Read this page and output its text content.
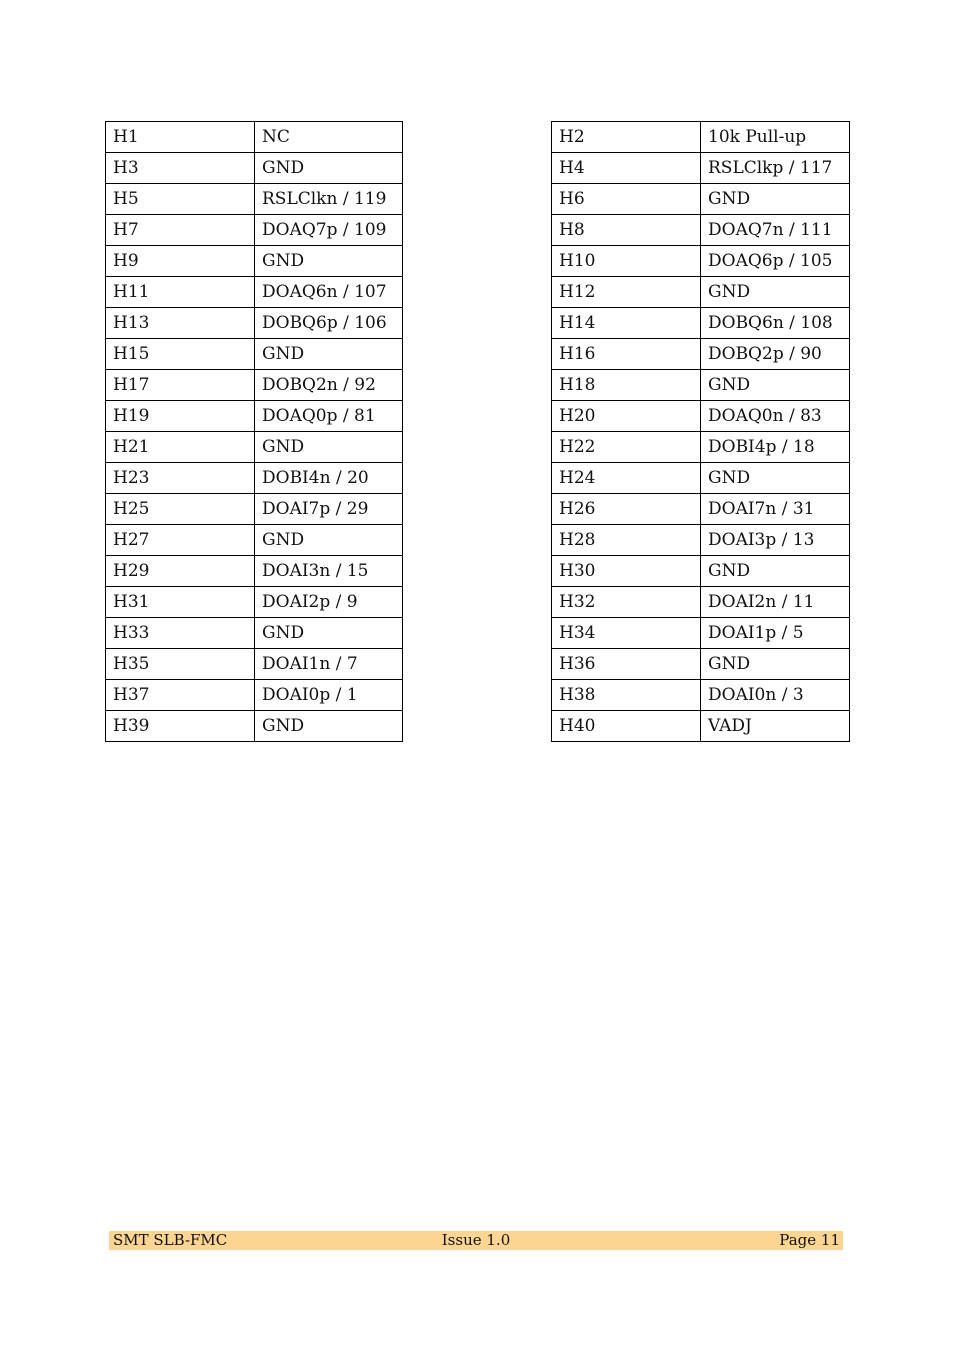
H1	NC
H3	GND
H5	RSLClkn / 119
H7	DOAQ7p / 109
H9	GND
H11	DOAQ6n / 107
H13	DOBQ6p / 106
H15	GND
H17	DOBQ2n / 92
H19	DOAQ0p / 81
H21	GND
H23	DOBI4n / 20
H25	DOAI7p / 29
H27	GND
H29	DOAI3n / 15
H31	DOAI2p / 9
H33	GND
H35	DOAI1n / 7
H37	DOAI0p / 1
H39	GND
H2	10k Pull-up
H4	RSLClkp / 117
H6	GND
H8	DOAQ7n / 111
H10	DOAQ6p / 105
H12	GND
H14	DOBQ6n / 108
H16	DOBQ2p / 90
H18	GND
H20	DOAQ0n / 83
H22	DOBI4p / 18
H24	GND
H26	DOAI7n / 31
H28	DOAI3p / 13
H30	GND
H32	DOAI2n / 11
H34	DOAI1p / 5
H36	GND
H38	DOAI0n / 3
H40	VADJ
SMT SLB-FMC	Issue 1.0	Page 11
